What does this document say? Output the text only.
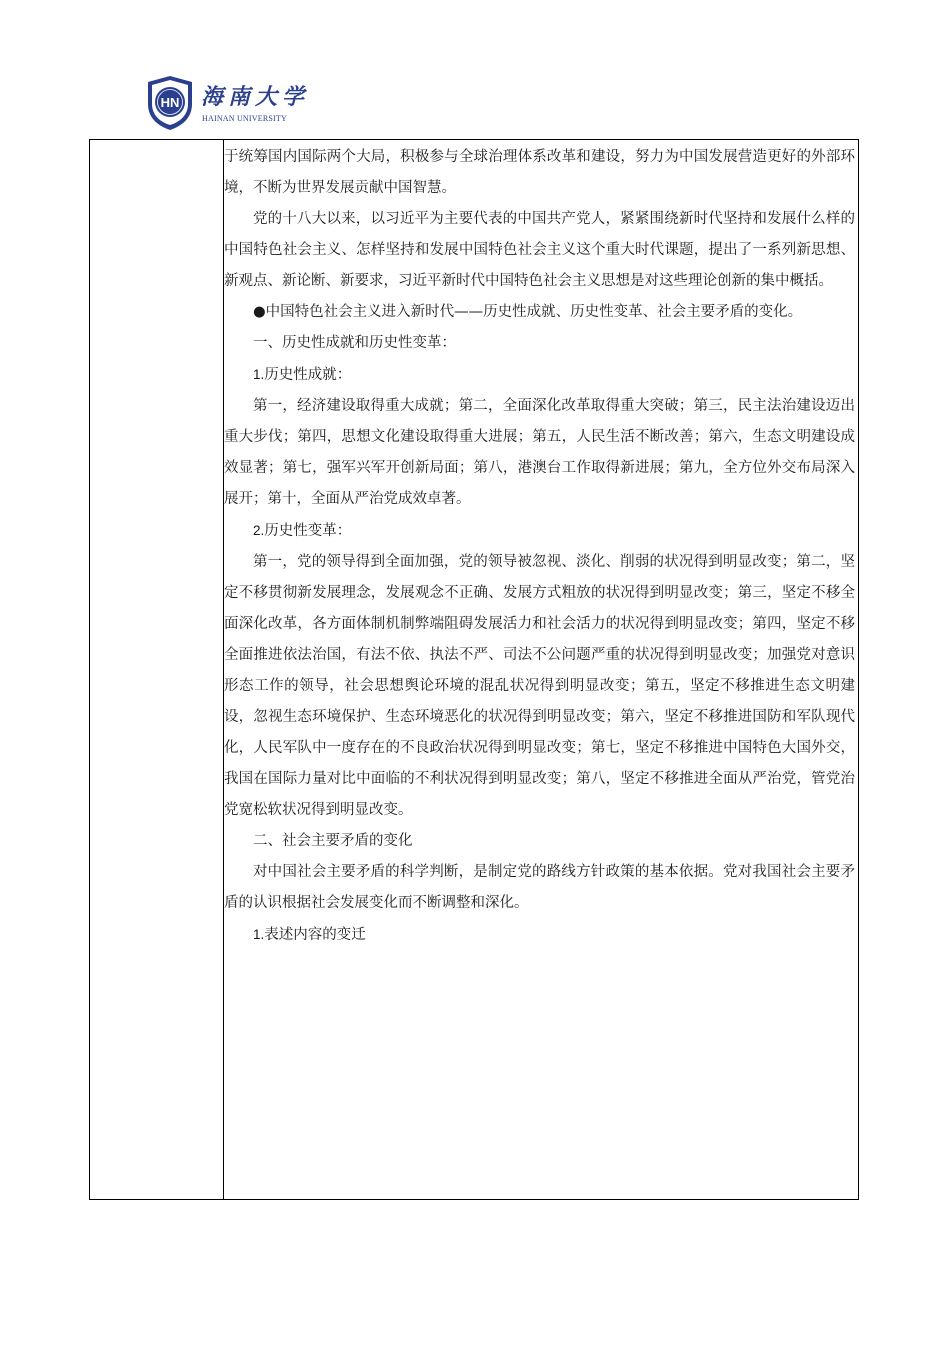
HN 海南大学
HAINAN UNIVERSITY

于统筹国内国际两个大局，积极参与全球治理体系改革和建设，努力为中国发展营造更好的外部环境，不断为世界发展贡献中国智慧。

党的十八大以来，以习近平为主要代表的中国共产党人，紧紧围绕新时代坚持和发展什么样的中国特色社会主义、怎样坚持和发展中国特色社会主义这个重大时代课题，提出了一系列新思想、新观点、新论断、新要求，习近平新时代中国特色社会主义思想是对这些理论创新的集中概括。

●中国特色社会主义进入新时代——历史性成就、历史性变革、社会主要矛盾的变化。

一、历史性成就和历史性变革：

1.历史性成就：

第一，经济建设取得重大成就；第二，全面深化改革取得重大突破；第三，民主法治建设迈出重大步伐；第四，思想文化建设取得重大进展；第五，人民生活不断改善；第六，生态文明建设成效显著；第七，强军兴军开创新局面；第八，港澳台工作取得新进展；第九，全方位外交布局深入展开；第十，全面从严治党成效卓著。

2.历史性变革：

第一，党的领导得到全面加强，党的领导被忽视、淡化、削弱的状况得到明显改变；第二，坚定不移贯彻新发展理念，发展观念不正确、发展方式粗放的状况得到明显改变；第三，坚定不移全面深化改革，各方面体制机制弊端阻碍发展活力和社会活力的状况得到明显改变；第四，坚定不移全面推进依法治国，有法不依、执法不严、司法不公问题严重的状况得到明显改变；加强党对意识形态工作的领导，社会思想舆论环境的混乱状况得到明显改变；第五，坚定不移推进生态文明建设，忽视生态环境保护、生态环境恶化的状况得到明显改变；第六，坚定不移推进国防和军队现代化，人民军队中一度存在的不良政治状况得到明显改变；第七，坚定不移推进中国特色大国外交，我国在国际力量对比中面临的不利状况得到明显改变；第八，坚定不移推进全面从严治党，管党治党宽松软状况得到明显改变。

二、社会主要矛盾的变化

对中国社会主要矛盾的科学判断，是制定党的路线方针政策的基本依据。党对我国社会主要矛盾的认识根据社会发展变化而不断调整和深化。

1.表述内容的变迁
